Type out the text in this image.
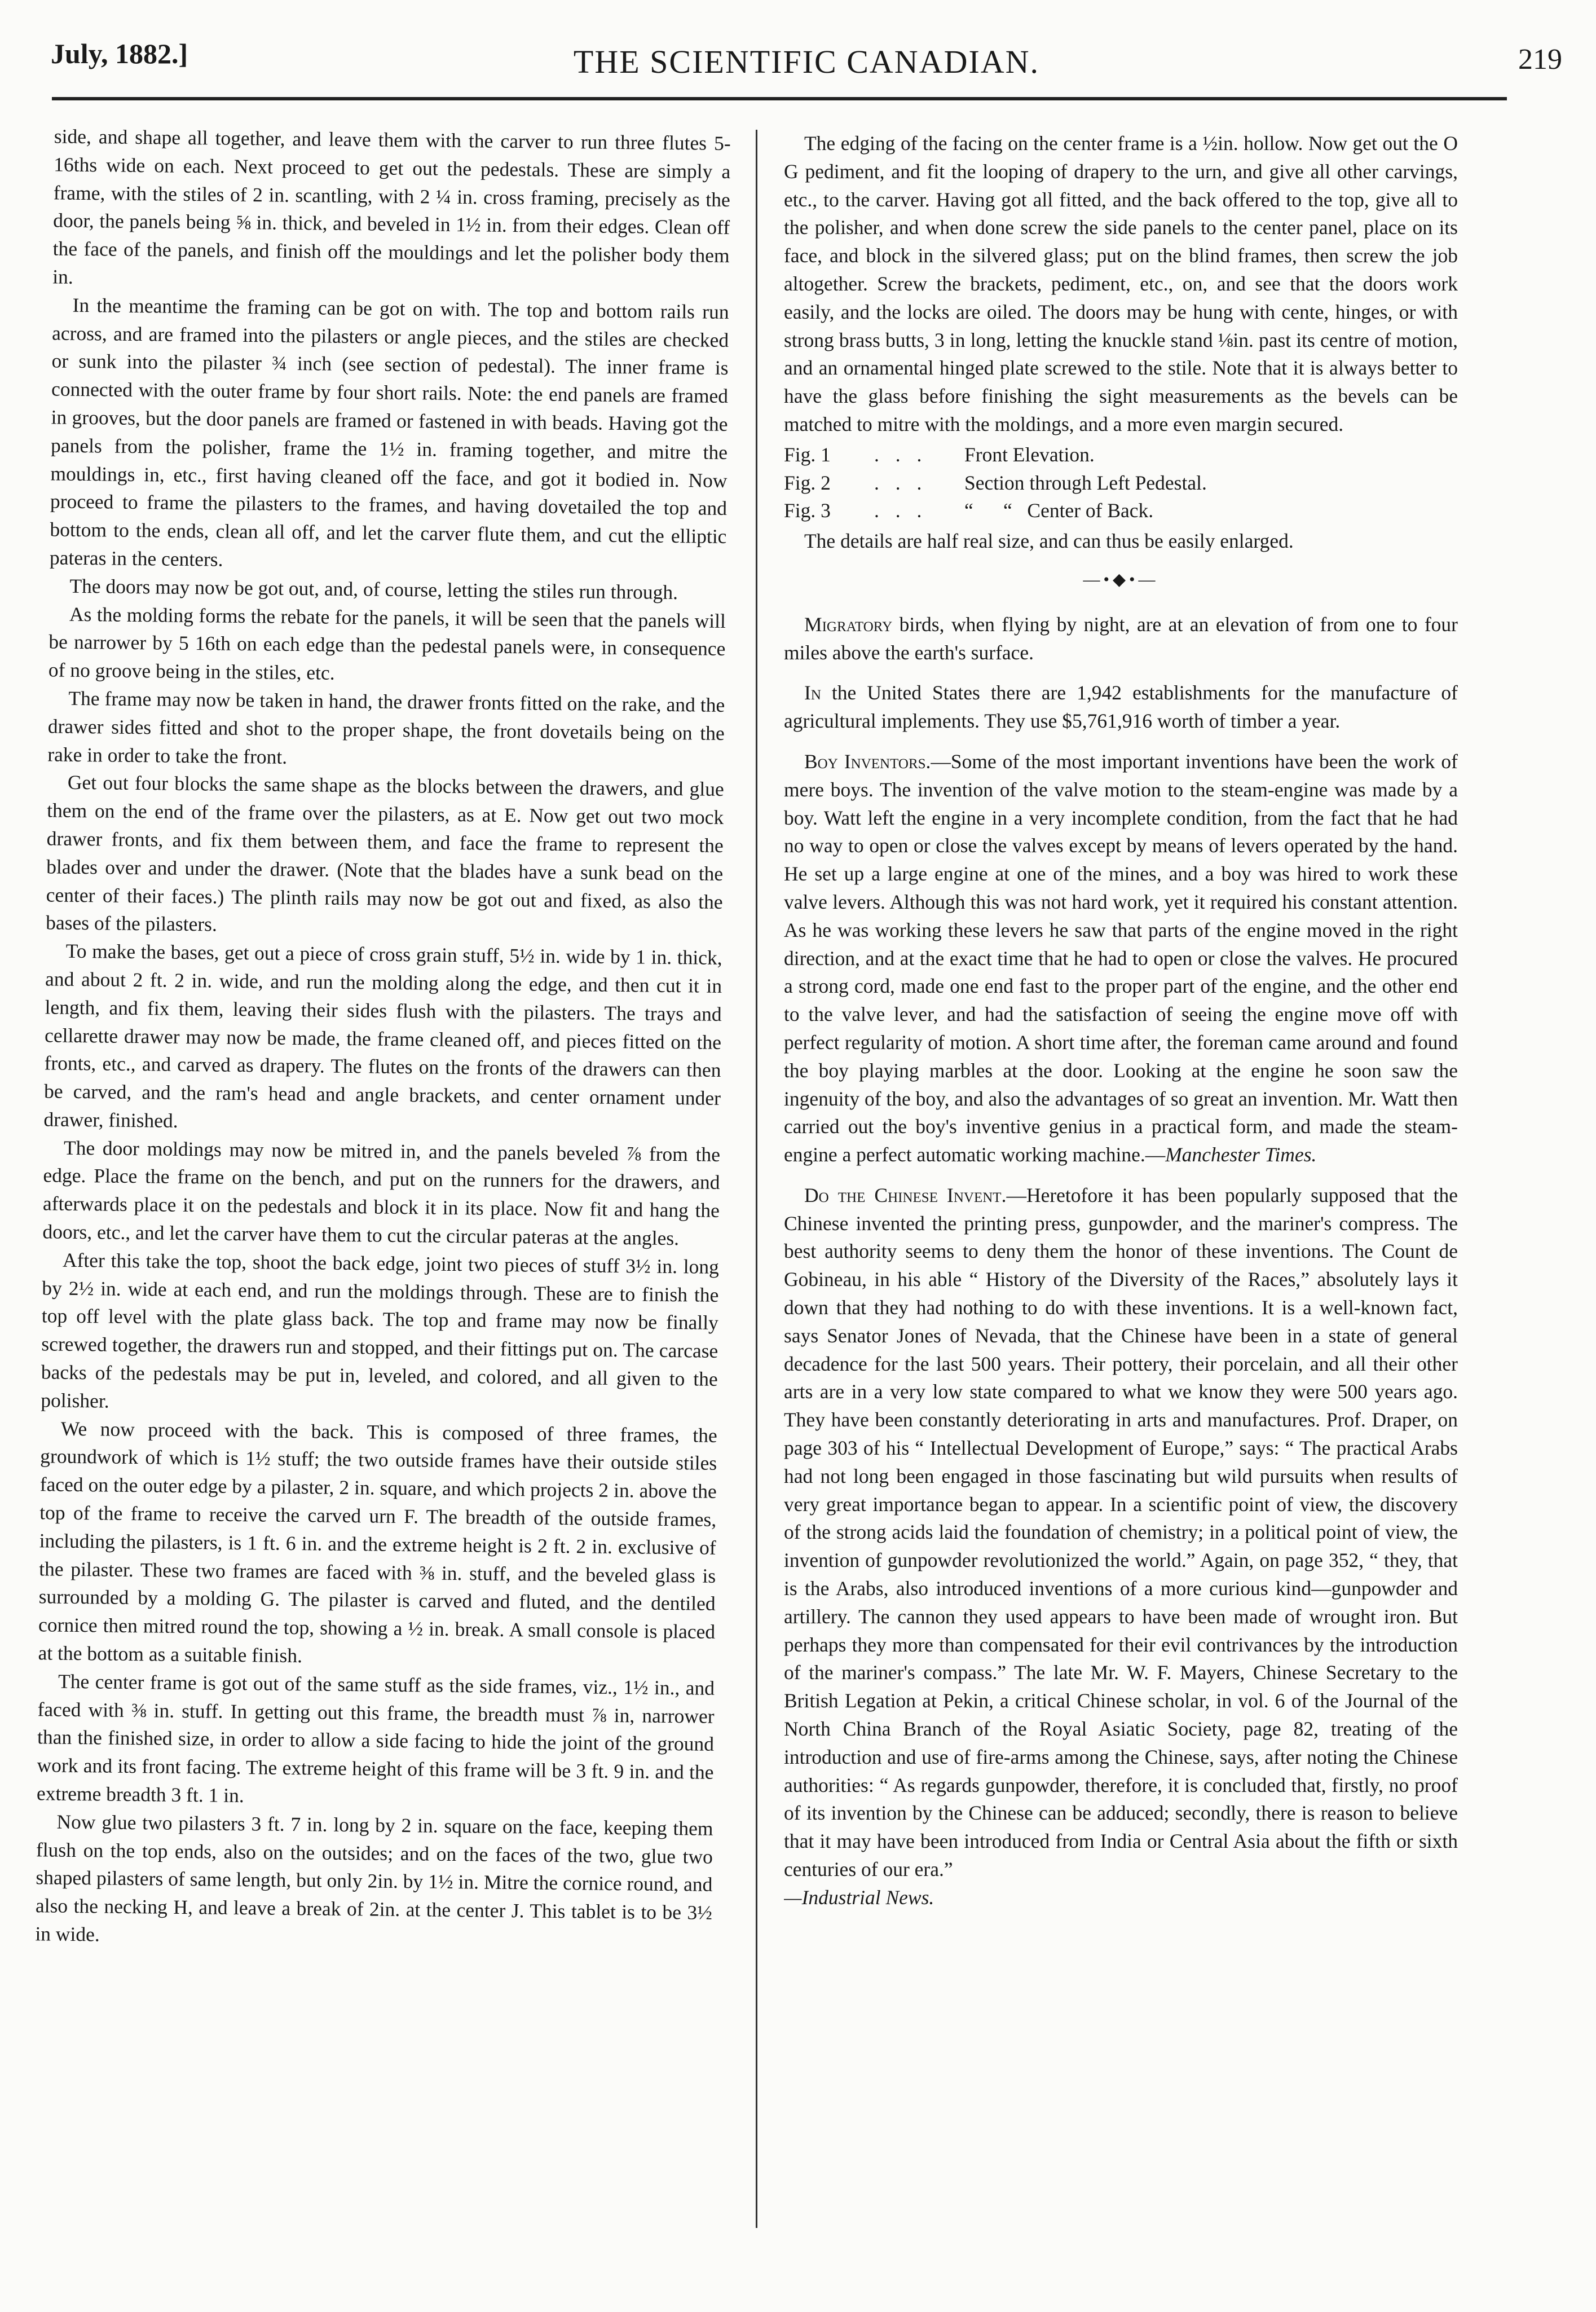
July, 1882.]	THE SCIENTIFIC CANADIAN.	219

side, and shape all together, and leave them with the carver to run three flutes 5-16ths wide on each. Next proceed to get out the pedestals. These are simply a frame, with the stiles of 2 in. scantling, with 2 ¼ in. cross framing, precisely as the door, the panels being ⅝ in. thick, and beveled in 1½ in. from their edges. Clean off the face of the panels, and finish off the mouldings and let the polisher body them in.

In the meantime the framing can be got on with. The top and bottom rails run across, and are framed into the pilasters or angle pieces, and the stiles are checked or sunk into the pilaster ¾ inch (see section of pedestal). The inner frame is connected with the outer frame by four short rails. Note: the end panels are framed in grooves, but the door panels are framed or fastened in with beads. Having got the panels from the polisher, frame the 1½ in. framing together, and mitre the mouldings in, etc., first having cleaned off the face, and got it bodied in. Now proceed to frame the pilasters to the frames, and having dovetailed the top and bottom to the ends, clean all off, and let the carver flute them, and cut the elliptic pateras in the centers.

The doors may now be got out, and, of course, letting the stiles run through.

As the molding forms the rebate for the panels, it will be seen that the panels will be narrower by 5 16th on each edge than the pedestal panels were, in consequence of no groove being in the stiles, etc.

The frame may now be taken in hand, the drawer fronts fitted on the rake, and the drawer sides fitted and shot to the proper shape, the front dovetails being on the rake in order to take the front.

Get out four blocks the same shape as the blocks between the drawers, and glue them on the end of the frame over the pilasters, as at E. Now get out two mock drawer fronts, and fix them between them, and face the frame to represent the blades over and under the drawer. (Note that the blades have a sunk bead on the center of their faces.) The plinth rails may now be got out and fixed, as also the bases of the pilasters.

To make the bases, get out a piece of cross grain stuff, 5½ in. wide by 1 in. thick, and about 2 ft. 2 in. wide, and run the molding along the edge, and then cut it in length, and fix them, leaving their sides flush with the pilasters. The trays and cellarette drawer may now be made, the frame cleaned off, and pieces fitted on the fronts, etc., and carved as drapery. The flutes on the fronts of the drawers can then be carved, and the ram's head and angle brackets, and center ornament under drawer, finished.

The door moldings may now be mitred in, and the panels beveled ⅞ from the edge. Place the frame on the bench, and put on the runners for the drawers, and afterwards place it on the pedestals and block it in its place. Now fit and hang the doors, etc., and let the carver have them to cut the circular pateras at the angles.

After this take the top, shoot the back edge, joint two pieces of stuff 3½ in. long by 2½ in. wide at each end, and run the moldings through. These are to finish the top off level with the plate glass back. The top and frame may now be finally screwed together, the drawers run and stopped, and their fittings put on. The carcase backs of the pedestals may be put in, leveled, and colored, and all given to the polisher.

We now proceed with the back. This is composed of three frames, the groundwork of which is 1½ stuff; the two outside frames have their outside stiles faced on the outer edge by a pilaster, 2 in. square, and which projects 2 in. above the top of the frame to receive the carved urn F. The breadth of the outside frames, including the pilasters, is 1 ft. 6 in. and the extreme height is 2 ft. 2 in. exclusive of the pilaster. These two frames are faced with ⅜ in. stuff, and the beveled glass is surrounded by a molding G. The pilaster is carved and fluted, and the dentiled cornice then mitred round the top, showing a ½ in. break. A small console is placed at the bottom as a suitable finish.

The center frame is got out of the same stuff as the side frames, viz., 1½ in., and faced with ⅜ in. stuff. In getting out this frame, the breadth must ⅞ in, narrower than the finished size, in order to allow a side facing to hide the joint of the ground work and its front facing. The extreme height of this frame will be 3 ft. 9 in. and the extreme breadth 3 ft. 1 in.

Now glue two pilasters 3 ft. 7 in. long by 2 in. square on the face, keeping them flush on the top ends, also on the outsides; and on the faces of the two, glue two shaped pilasters of same length, but only 2in. by 1½ in. Mitre the cornice round, and also the necking H, and leave a break of 2in. at the center J. This tablet is to be 3½ in wide.

The edging of the facing on the center frame is a ½in. hollow. Now get out the O G pediment, and fit the looping of drapery to the urn, and give all other carvings, etc., to the carver. Having got all fitted, and the back offered to the top, give all to the polisher, and when done screw the side panels to the center panel, place on its face, and block in the silvered glass; put on the blind frames, then screw the job altogether. Screw the brackets, pediment, etc., on, and see that the doors work easily, and the locks are oiled. The doors may be hung with cente, hinges, or with strong brass butts, 3 in long, letting the knuckle stand ⅛in. past its centre of motion, and an ornamental hinged plate screwed to the stile. Note that it is always better to have the glass before finishing the sight measurements as the bevels can be matched to mitre with the moldings, and a more even margin secured.

Fig. 1	. . .	Front Elevation.
Fig. 2	. . .	Section through Left Pedestal.
Fig. 3	. . .	“      “   Center of Back.

The details are half real size, and can thus be easily enlarged.

—•◆•—

Migratory birds, when flying by night, are at an elevation of from one to four miles above the earth's surface.

In the United States there are 1,942 establishments for the manufacture of agricultural implements. They use $5,761,916 worth of timber a year.

Boy Inventors.—Some of the most important inventions have been the work of mere boys. The invention of the valve motion to the steam-engine was made by a boy. Watt left the engine in a very incomplete condition, from the fact that he had no way to open or close the valves except by means of levers operated by the hand. He set up a large engine at one of the mines, and a boy was hired to work these valve levers. Although this was not hard work, yet it required his constant attention. As he was working these levers he saw that parts of the engine moved in the right direction, and at the exact time that he had to open or close the valves. He procured a strong cord, made one end fast to the proper part of the engine, and the other end to the valve lever, and had the satisfaction of seeing the engine move off with perfect regularity of motion. A short time after, the foreman came around and found the boy playing marbles at the door. Looking at the engine he soon saw the ingenuity of the boy, and also the advantages of so great an invention. Mr. Watt then carried out the boy's inventive genius in a practical form, and made the steam-engine a perfect automatic working machine.—Manchester Times.

Do the Chinese Invent.—Heretofore it has been popularly supposed that the Chinese invented the printing press, gunpowder, and the mariner's compress. The best authority seems to deny them the honor of these inventions. The Count de Gobineau, in his able “ History of the Diversity of the Races,” absolutely lays it down that they had nothing to do with these inventions. It is a well-known fact, says Senator Jones of Nevada, that the Chinese have been in a state of general decadence for the last 500 years. Their pottery, their porcelain, and all their other arts are in a very low state compared to what we know they were 500 years ago. They have been constantly deteriorating in arts and manufactures. Prof. Draper, on page 303 of his “ Intellectual Development of Europe,” says: “ The practical Arabs had not long been engaged in those fascinating but wild pursuits when results of very great importance began to appear. In a scientific point of view, the discovery of the strong acids laid the foundation of chemistry; in a political point of view, the invention of gunpowder revolutionized the world.” Again, on page 352, “ they, that is the Arabs, also introduced inventions of a more curious kind—gunpowder and artillery. The cannon they used appears to have been made of wrought iron. But perhaps they more than compensated for their evil contrivances by the introduction of the mariner's compass.” The late Mr. W. F. Mayers, Chinese Secretary to the British Legation at Pekin, a critical Chinese scholar, in vol. 6 of the Journal of the North China Branch of the Royal Asiatic Society, page 82, treating of the introduction and use of fire-arms among the Chinese, says, after noting the Chinese authorities: “ As regards gunpowder, therefore, it is concluded that, firstly, no proof of its invention by the Chinese can be adduced; secondly, there is reason to believe that it may have been introduced from India or Central Asia about the fifth or sixth centuries of our era.”

—Industrial News.
